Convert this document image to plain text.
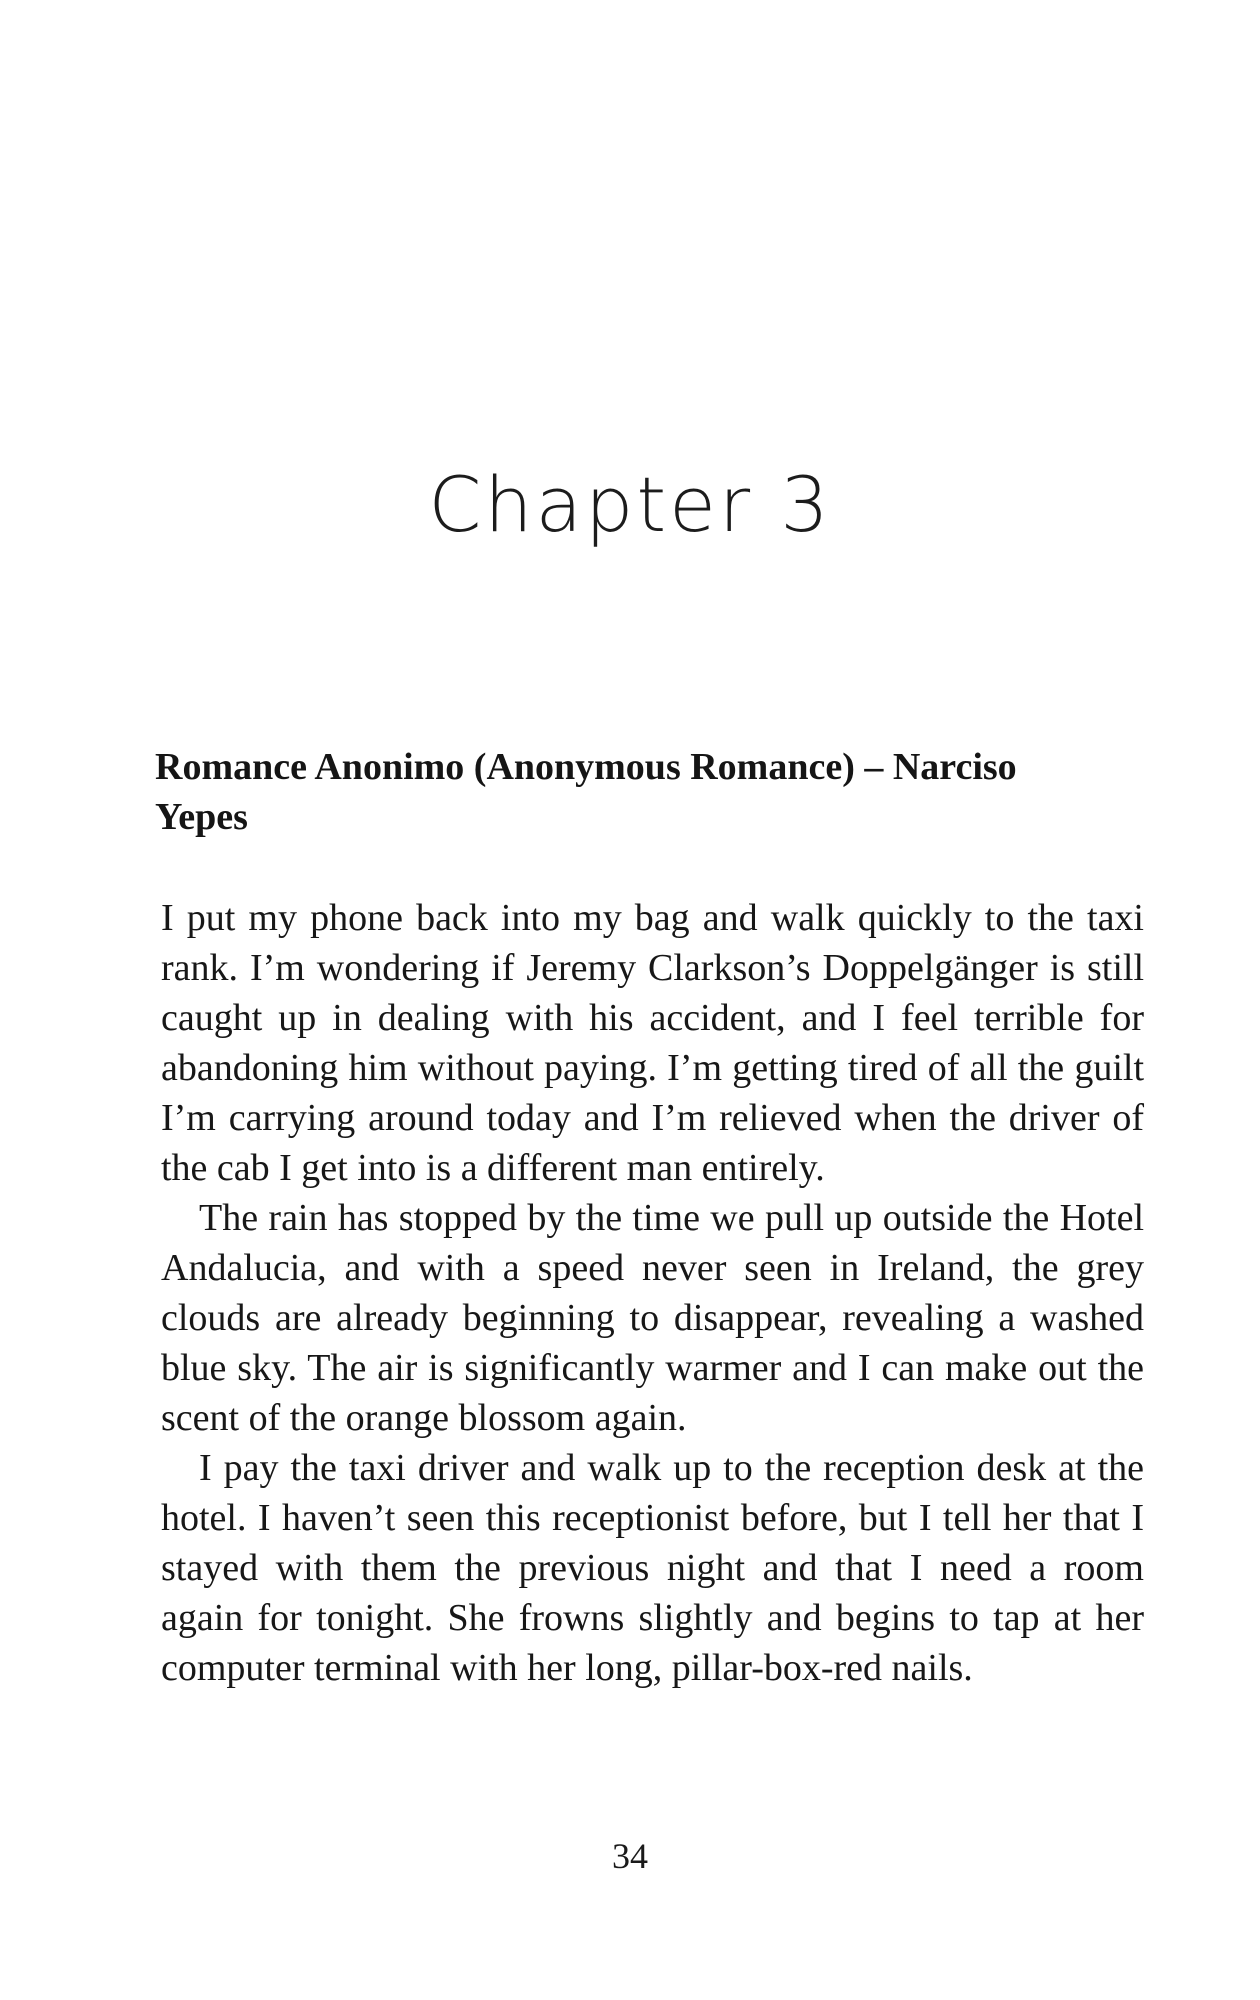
Chapter 3
Romance Anonimo (Anonymous Romance) – Narciso Yepes

I put my phone back into my bag and walk quickly to the taxi rank. I’m wondering if Jeremy Clarkson’s Doppelgänger is still caught up in dealing with his accident, and I feel terrible for abandoning him without paying. I’m getting tired of all the guilt I’m carrying around today and I’m relieved when the driver of the cab I get into is a different man entirely.

The rain has stopped by the time we pull up outside the Hotel Andalucia, and with a speed never seen in Ireland, the grey clouds are already beginning to disappear, revealing a washed blue sky. The air is significantly warmer and I can make out the scent of the orange blossom again.

I pay the taxi driver and walk up to the reception desk at the hotel. I haven’t seen this receptionist before, but I tell her that I stayed with them the previous night and that I need a room again for tonight. She frowns slightly and begins to tap at her computer terminal with her long, pillar-box-red nails.

34
